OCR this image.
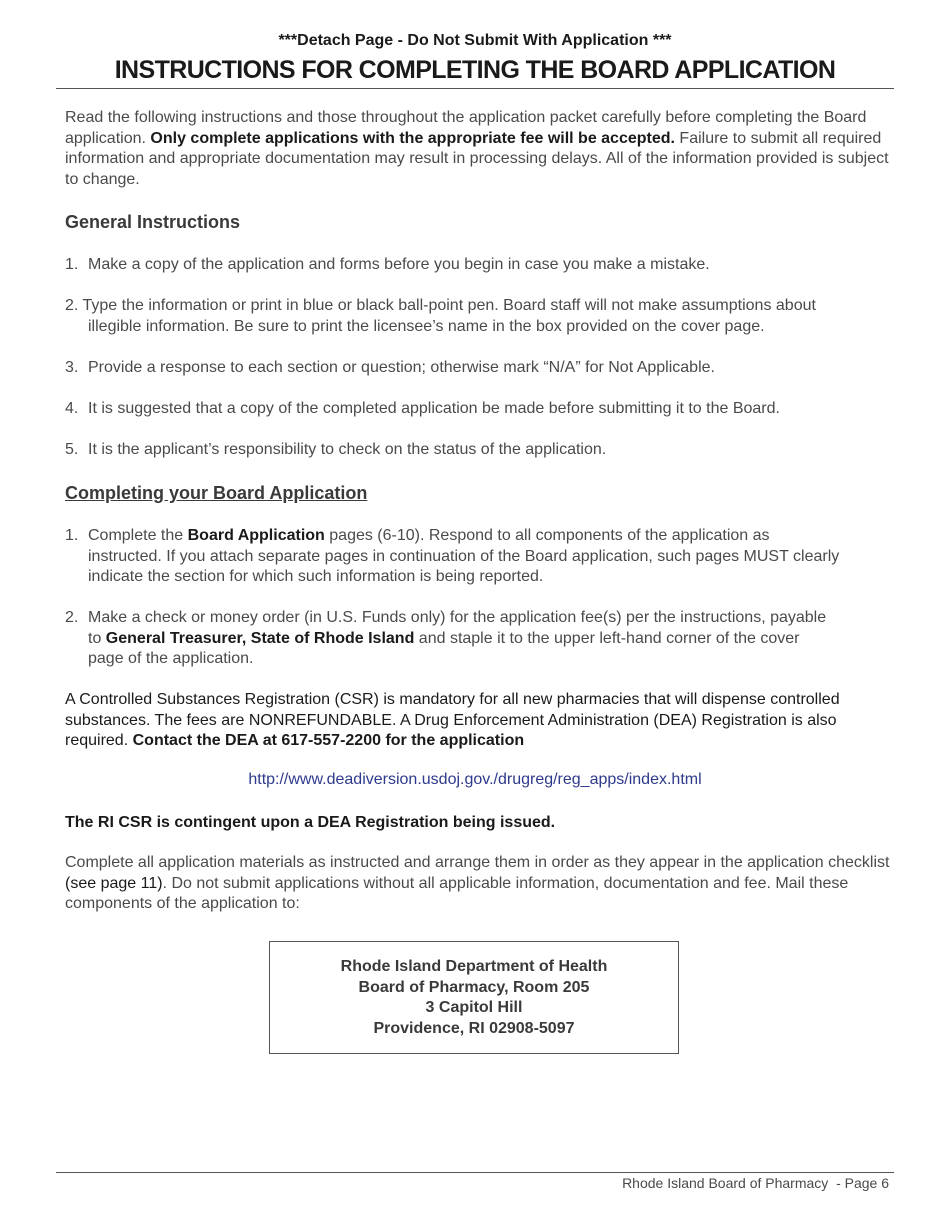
***Detach Page - Do Not Submit With Application ***
INSTRUCTIONS FOR COMPLETING THE BOARD APPLICATION
Read the following instructions and those throughout the application packet carefully before completing the Board application. Only complete applications with the appropriate fee will be accepted. Failure to submit all required information and appropriate documentation may result in processing delays. All of the information provided is subject to change.
General Instructions
1. Make a copy of the application and forms before you begin in case you make a mistake.
2. Type the information or print in blue or black ball-point pen. Board staff will not make assumptions about
illegible information. Be sure to print the licensee’s name in the box provided on the cover page.
3. Provide a response to each section or question; otherwise mark “N/A” for Not Applicable.
4. It is suggested that a copy of the completed application be made before submitting it to the Board.
5. It is the applicant’s responsibility to check on the status of the application.
Completing your Board Application
1. Complete the Board Application pages (6-10). Respond to all components of the application as
instructed. If you attach separate pages in continuation of the Board application, such pages MUST clearly
indicate the section for which such information is being reported.
2. Make a check or money order (in U.S. Funds only) for the application fee(s) per the instructions, payable
to General Treasurer, State of Rhode Island and staple it to the upper left-hand corner of the cover
page of the application.
A Controlled Substances Registration (CSR) is mandatory for all new pharmacies that will dispense controlled substances. The fees are NONREFUNDABLE. A Drug Enforcement Administration (DEA) Registration is also required. Contact the DEA at 617-557-2200 for the application
http://www.deadiversion.usdoj.gov./drugreg/reg_apps/index.html
The RI CSR is contingent upon a DEA Registration being issued.
Complete all application materials as instructed and arrange them in order as they appear in the application checklist (see page 11). Do not submit applications without all applicable information, documentation and fee. Mail these components of the application to:
Rhode Island Department of Health
Board of Pharmacy, Room 205
3 Capitol Hill
Providence, RI 02908-5097
Rhode Island Board of Pharmacy  - Page 6
